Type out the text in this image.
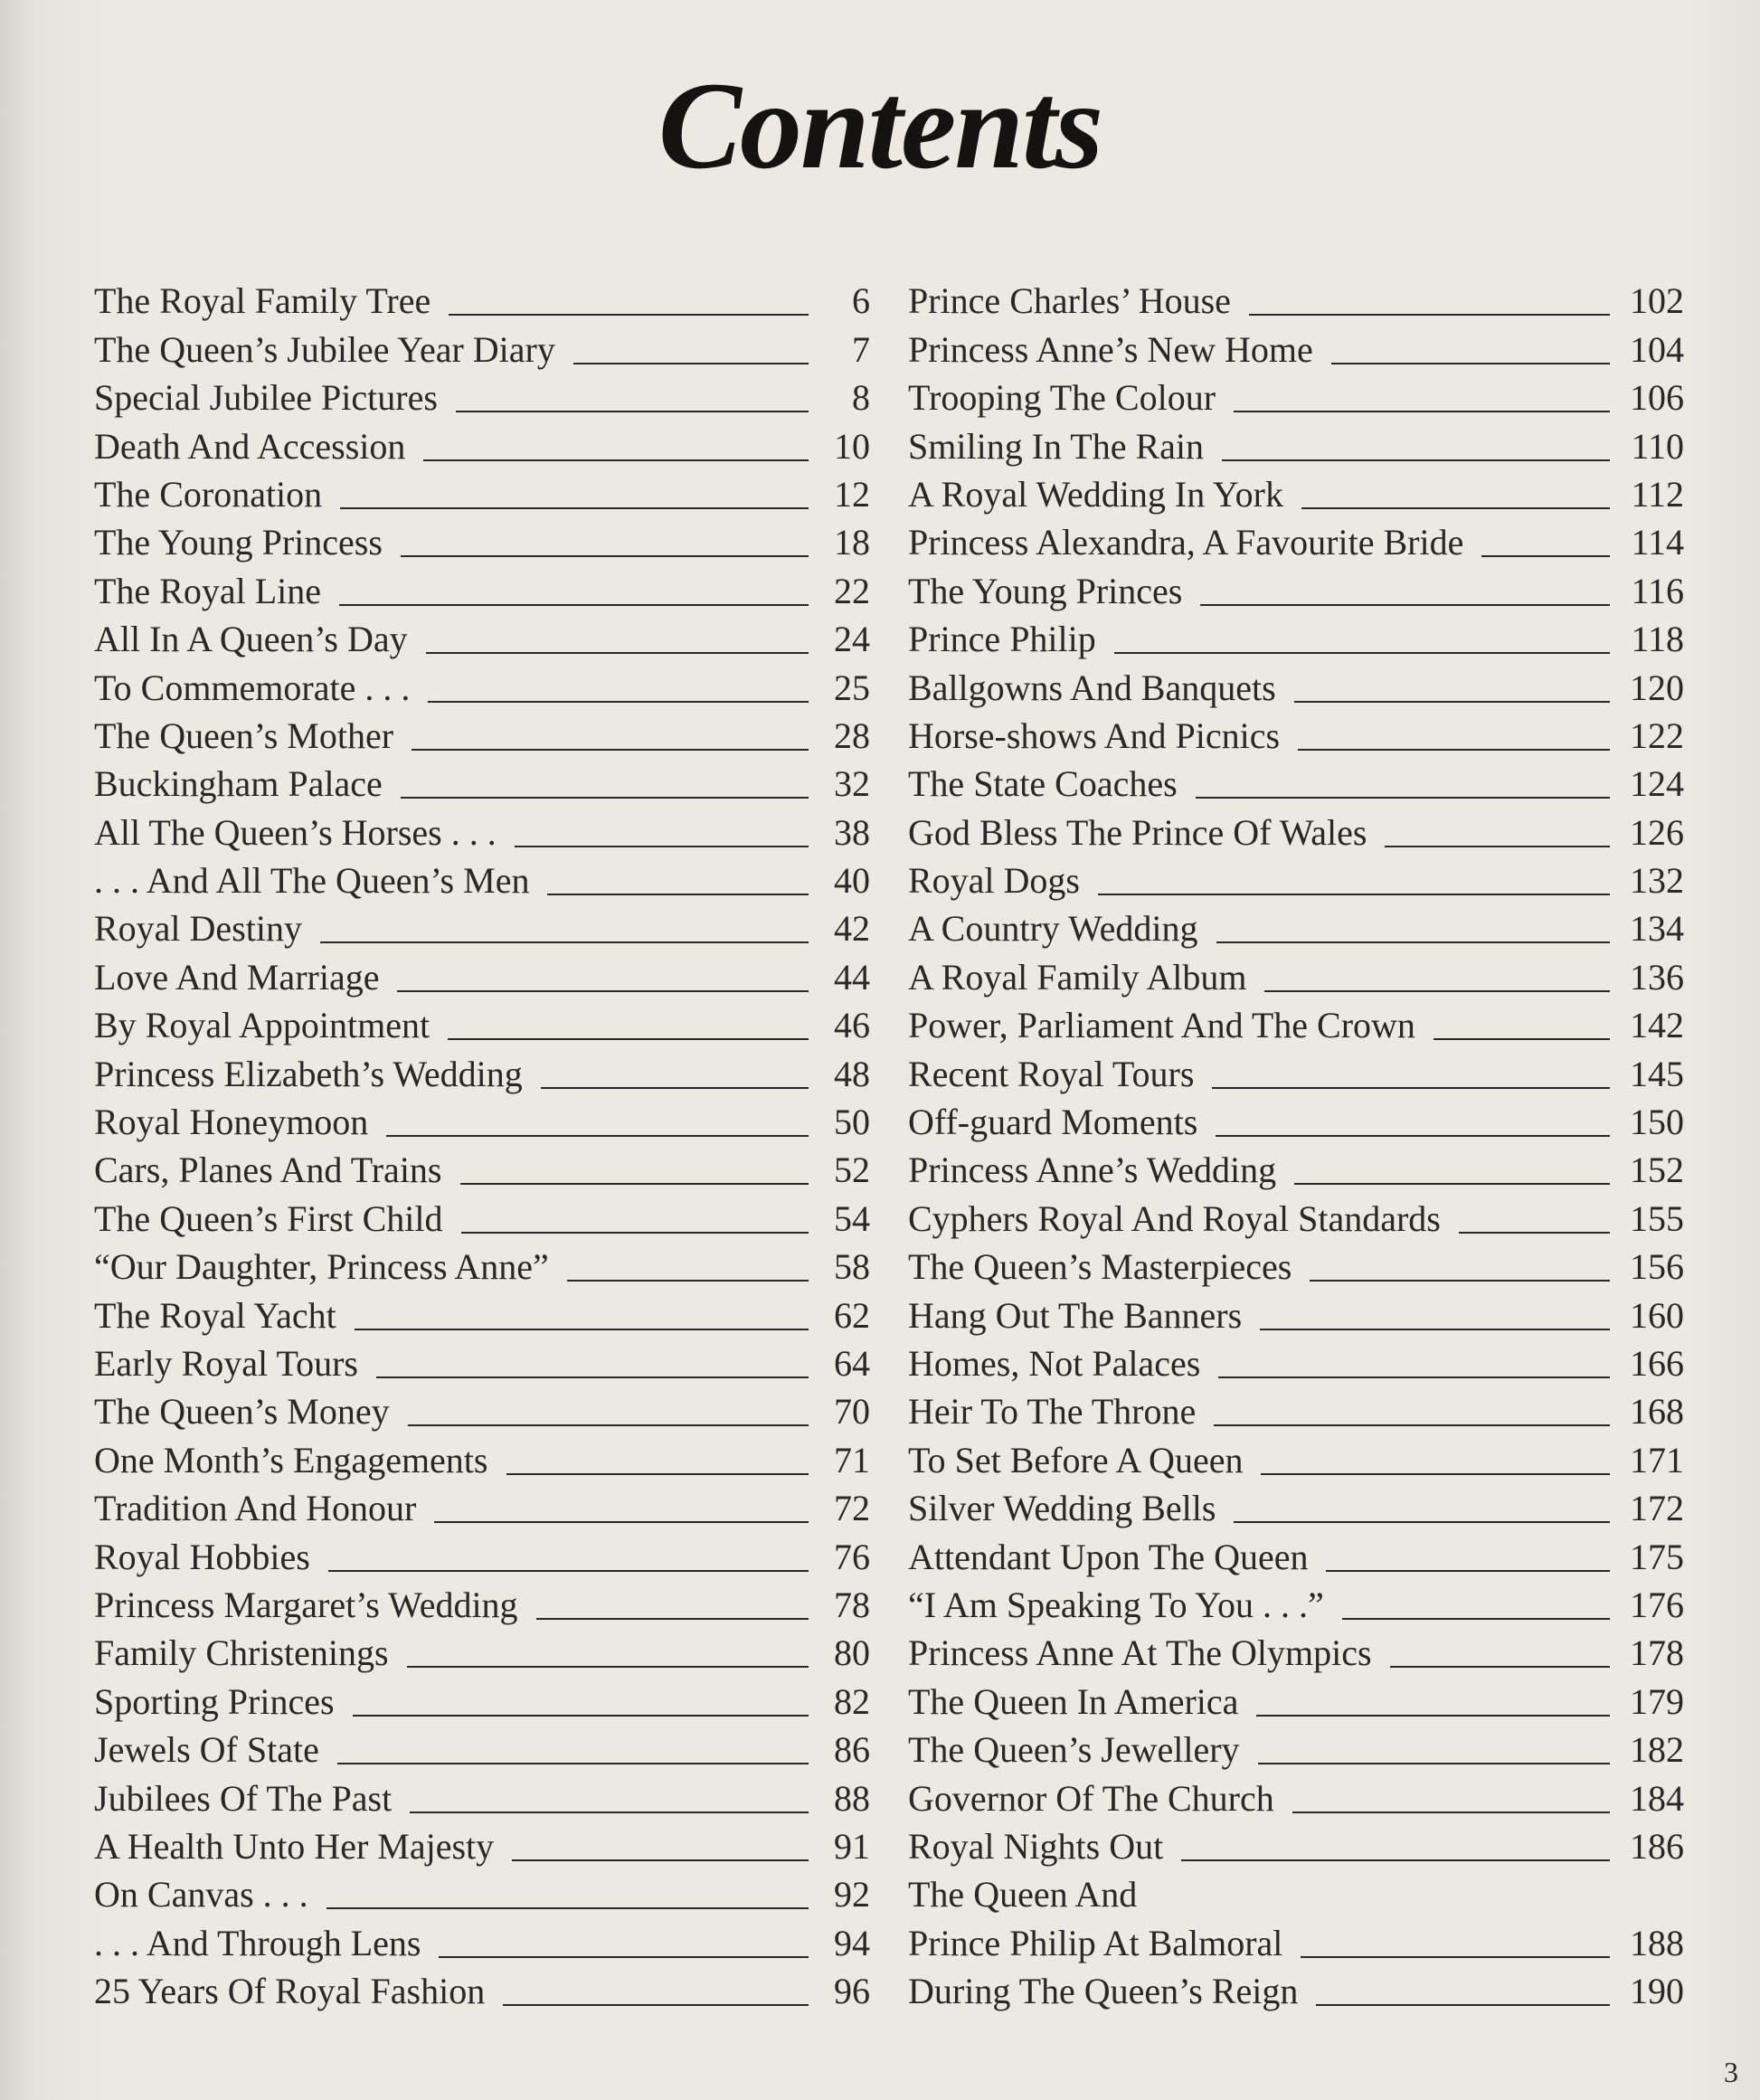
Contents
The Royal Family Tree	6
The Queen’s Jubilee Year Diary	7
Special Jubilee Pictures	8
Death And Accession	10
The Coronation	12
The Young Princess	18
The Royal Line	22
All In A Queen’s Day	24
To Commemorate . . .	25
The Queen’s Mother	28
Buckingham Palace	32
All The Queen’s Horses . . .	38
. . . And All The Queen’s Men	40
Royal Destiny	42
Love And Marriage	44
By Royal Appointment	46
Princess Elizabeth’s Wedding	48
Royal Honeymoon	50
Cars, Planes And Trains	52
The Queen’s First Child	54
“Our Daughter, Princess Anne”	58
The Royal Yacht	62
Early Royal Tours	64
The Queen’s Money	70
One Month’s Engagements	71
Tradition And Honour	72
Royal Hobbies	76
Princess Margaret’s Wedding	78
Family Christenings	80
Sporting Princes	82
Jewels Of State	86
Jubilees Of The Past	88
A Health Unto Her Majesty	91
On Canvas . . .	92
. . . And Through Lens	94
25 Years Of Royal Fashion	96
Prince Charles’ House	102
Princess Anne’s New Home	104
Trooping The Colour	106
Smiling In The Rain	110
A Royal Wedding In York	112
Princess Alexandra, A Favourite Bride	114
The Young Princes	116
Prince Philip	118
Ballgowns And Banquets	120
Horse-shows And Picnics	122
The State Coaches	124
God Bless The Prince Of Wales	126
Royal Dogs	132
A Country Wedding	134
A Royal Family Album	136
Power, Parliament And The Crown	142
Recent Royal Tours	145
Off-guard Moments	150
Princess Anne’s Wedding	152
Cyphers Royal And Royal Standards	155
The Queen’s Masterpieces	156
Hang Out The Banners	160
Homes, Not Palaces	166
Heir To The Throne	168
To Set Before A Queen	171
Silver Wedding Bells	172
Attendant Upon The Queen	175
“I Am Speaking To You . . .”	176
Princess Anne At The Olympics	178
The Queen In America	179
The Queen’s Jewellery	182
Governor Of The Church	184
Royal Nights Out	186
The Queen And
Prince Philip At Balmoral	188
During The Queen’s Reign	190
3
